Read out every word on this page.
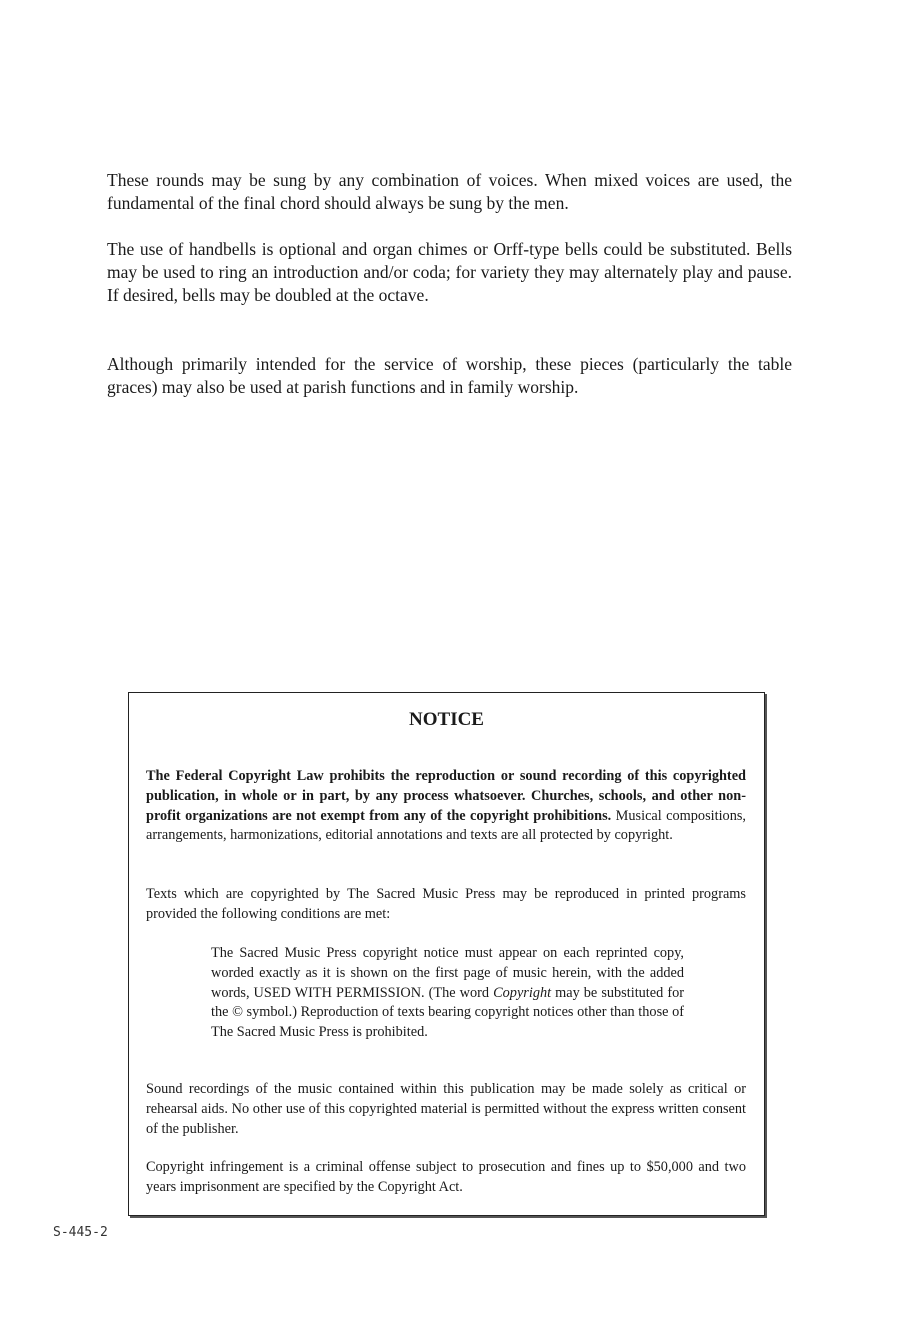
These rounds may be sung by any combination of voices. When mixed voices are used, the fundamental of the final chord should always be sung by the men.

The use of handbells is optional and organ chimes or Orff-type bells could be substituted. Bells may be used to ring an introduction and/or coda; for variety they may alternately play and pause. If desired, bells may be doubled at the octave.

Although primarily intended for the service of worship, these pieces (particularly the table graces) may also be used at parish functions and in family worship.

NOTICE

The Federal Copyright Law prohibits the reproduction or sound recording of this copyrighted publication, in whole or in part, by any process whatsoever. Churches, schools, and other non-profit organizations are not exempt from any of the copyright prohibitions. Musical compositions, arrangements, harmonizations, editorial annotations and texts are all protected by copyright.

Texts which are copyrighted by The Sacred Music Press may be reproduced in printed programs provided the following conditions are met:

The Sacred Music Press copyright notice must appear on each reprinted copy, worded exactly as it is shown on the first page of music herein, with the added words, USED WITH PERMISSION. (The word Copyright may be substituted for the © symbol.) Reproduction of texts bearing copyright notices other than those of The Sacred Music Press is prohibited.

Sound recordings of the music contained within this publication may be made solely as critical or rehearsal aids. No other use of this copyrighted material is permitted without the express written consent of the publisher.

Copyright infringement is a criminal offense subject to prosecution and fines up to $50,000 and two years imprisonment are specified by the Copyright Act.

S-445-2
